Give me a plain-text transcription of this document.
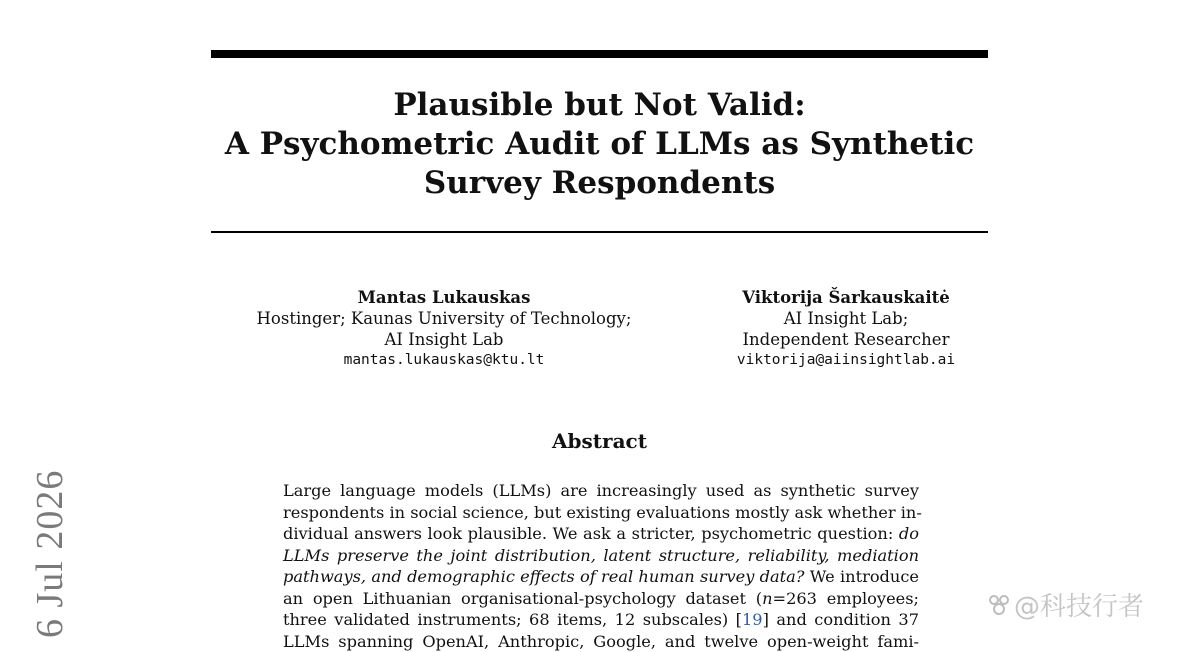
Plausible but Not Valid:
A Psychometric Audit of LLMs as Synthetic
Survey Respondents
Mantas Lukauskas
Hostinger; Kaunas University of Technology;
AI Insight Lab
mantas.lukauskas@ktu.lt
Viktorija Šarkauskaitė
AI Insight Lab;
Independent Researcher
viktorija@aiinsightlab.ai
Abstract

Large language models (LLMs) are increasingly used as synthetic survey
respondents in social science, but existing evaluations mostly ask whether in-
dividual answers look plausible. We ask a stricter, psychometric question: do
LLMs preserve the joint distribution, latent structure, reliability, mediation
pathways, and demographic effects of real human survey data? We introduce
an open Lithuanian organisational-psychology dataset (n=263 employees;
three validated instruments; 68 items, 12 subscales) [19] and condition 37
LLMs spanning OpenAI, Anthropic, Google, and twelve open-weight fami-

6 Jul 2026	@科技行者
